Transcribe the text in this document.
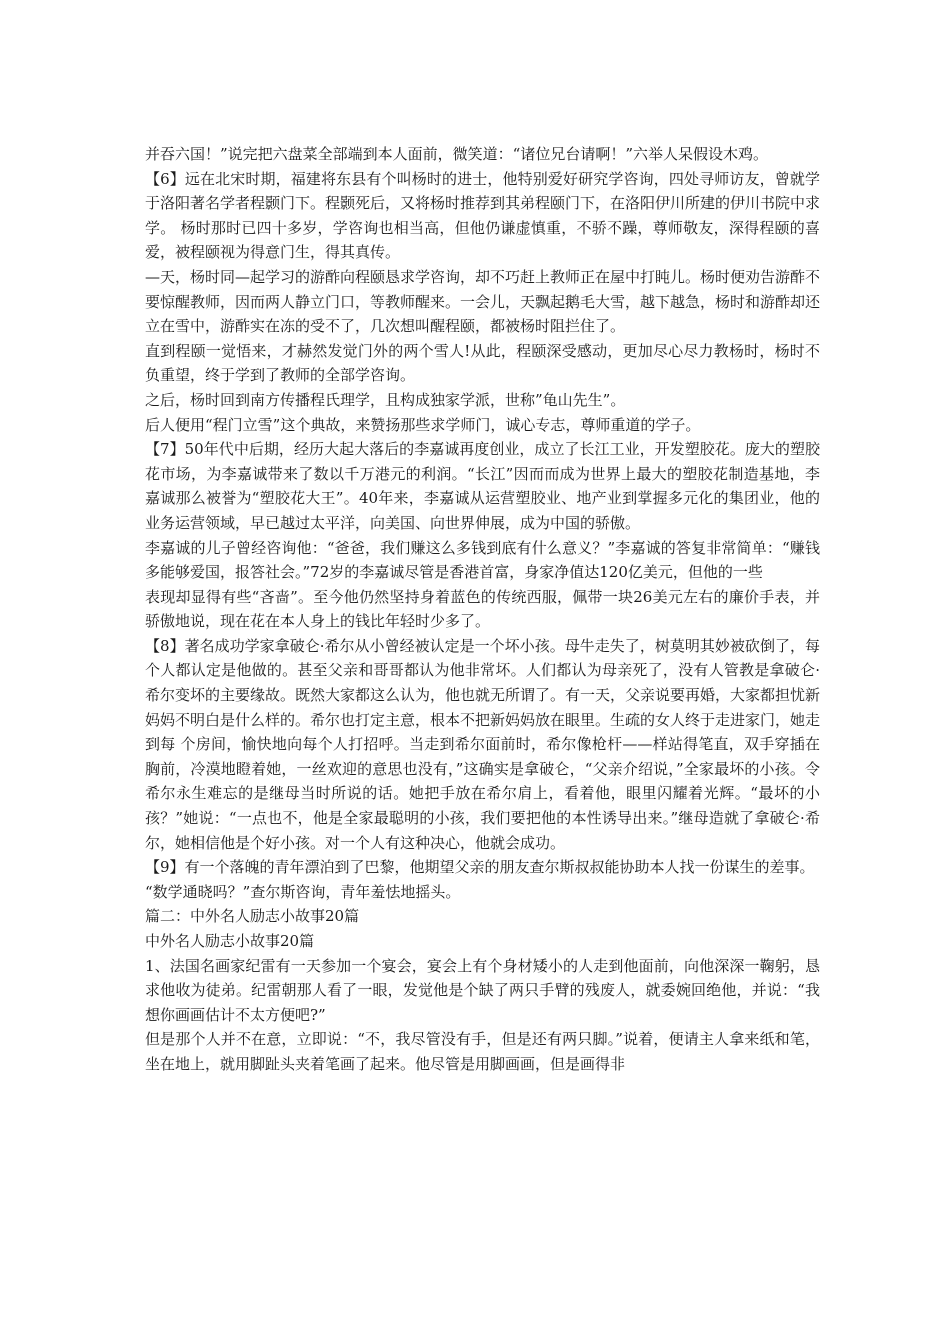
并吞六国！”说完把六盘菜全部端到本人面前，微笑道：“诸位兄台请啊！”六举人呆假设木鸡。

【6】远在北宋时期，福建将东县有个叫杨时的进士，他特别爱好研究学咨询，四处寻师访友，曾就学于洛阳著名学者程颢门下。程颢死后，又将杨时推荐到其弟程颐门下，在洛阳伊川所建的伊川书院中求学。 杨时那时已四十多岁，学咨询也相当高，但他仍谦虚慎重，不骄不躁，尊师敬友，深得程颐的喜爱，被程颐视为得意门生，得其真传。

—天，杨时同—起学习的游酢向程颐恳求学咨询，却不巧赶上教师正在屋中打盹儿。杨时便劝告游酢不要惊醒教师，因而两人静立门口，等教师醒来。一会儿，天飘起鹅毛大雪，越下越急，杨时和游酢却还立在雪中，游酢实在冻的受不了，几次想叫醒程颐，都被杨时阻拦住了。

直到程颐一觉悟来，才赫然发觉门外的两个雪人!从此，程颐深受感动，更加尽心尽力教杨时，杨时不负重望，终于学到了教师的全部学咨询。

之后，杨时回到南方传播程氏理学，且构成独家学派，世称”龟山先生”。

后人便用“程门立雪”这个典故，来赞扬那些求学师门，诚心专志，尊师重道的学子。

【7】50年代中后期，经历大起大落后的李嘉诚再度创业，成立了长江工业，开发塑胶花。庞大的塑胶花市场，为李嘉诚带来了数以千万港元的利润。“长江”因而而成为世界上最大的塑胶花制造基地，李嘉诚那么被誉为“塑胶花大王”。40年来，李嘉诚从运营塑胶业、地产业到掌握多元化的集团业，他的业务运营领域，早已越过太平洋，向美国、向世界伸展，成为中国的骄傲。

李嘉诚的儿子曾经咨询他：“爸爸，我们赚这么多钱到底有什么意义？”李嘉诚的答复非常简单：“赚钱多能够爱国，报答社会。”72岁的李嘉诚尽管是香港首富，身家净值达120亿美元，但他的一些

表现却显得有些“吝啬”。至今他仍然坚持身着蓝色的传统西服，佩带一块26美元左右的廉价手表，并骄傲地说，现在花在本人身上的钱比年轻时少多了。

【8】著名成功学家拿破仑·希尔从小曾经被认定是一个坏小孩。母牛走失了，树莫明其妙被砍倒了，每个人都认定是他做的。甚至父亲和哥哥都认为他非常坏。人们都认为母亲死了，没有人管教是拿破仑·希尔变坏的主要缘故。既然大家都这么认为，他也就无所谓了。有一天，父亲说要再婚，大家都担忧新妈妈不明白是什么样的。希尔也打定主意，根本不把新妈妈放在眼里。生疏的女人终于走进家门，她走到每 个房间，愉快地向每个人打招呼。当走到希尔面前时，希尔像枪杆——样站得笔直，双手穿插在胸前，冷漠地瞪着她，一丝欢迎的意思也没有，”这确实是拿破仑，“父亲介绍说，”全家最坏的小孩。令希尔永生难忘的是继母当时所说的话。她把手放在希尔肩上，看着他，眼里闪耀着光辉。“最坏的小孩？”她说：“一点也不，他是全家最聪明的小孩，我们要把他的本性诱导出来。”继母造就了拿破仑·希尔，她相信他是个好小孩。对一个人有这种决心，他就会成功。

【9】有一个落魄的青年漂泊到了巴黎，他期望父亲的朋友查尔斯叔叔能协助本人找一份谋生的差事。

“数学通晓吗？”查尔斯咨询，青年羞怯地摇头。

篇二：中外名人励志小故事20篇

中外名人励志小故事20篇

1、法国名画家纪雷有一天参加一个宴会，宴会上有个身材矮小的人走到他面前，向他深深一鞠躬，恳求他收为徒弟。纪雷朝那人看了一眼，发觉他是个缺了两只手臂的残废人，就委婉回绝他，并说：“我想你画画估计不太方便吧?”

但是那个人并不在意，立即说：“不，我尽管没有手，但是还有两只脚。”说着，便请主人拿来纸和笔，坐在地上，就用脚趾头夹着笔画了起来。他尽管是用脚画画，但是画得非
